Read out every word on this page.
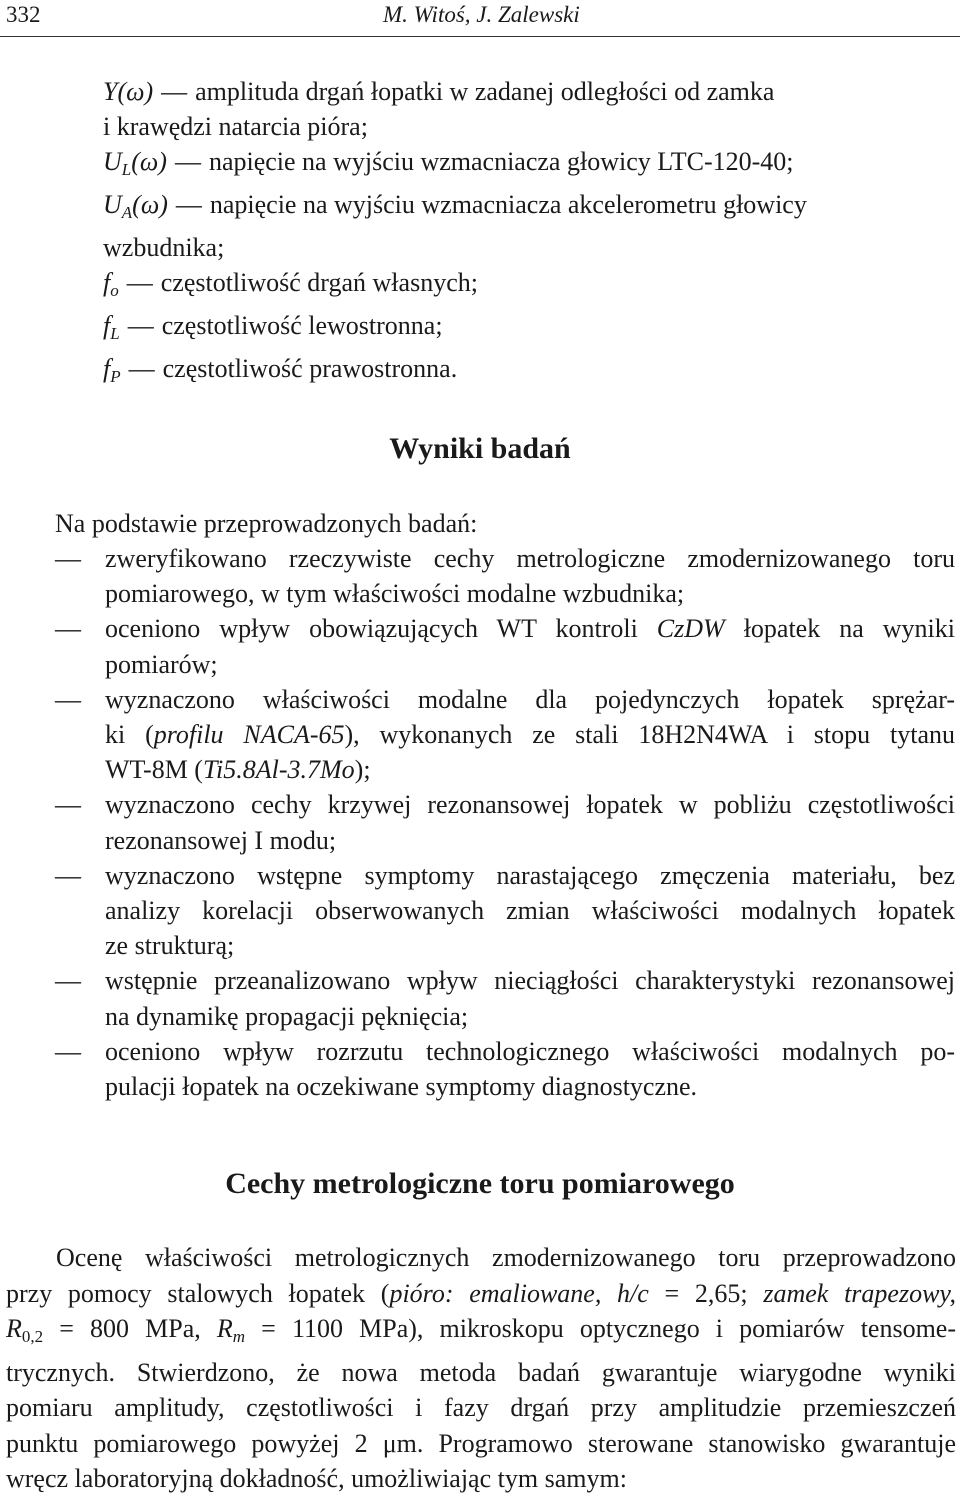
332	M. Witoś, J. Zalewski
Y(ω) — amplituda drgań łopatki w zadanej odległości od zamka
i krawędzi natarcia pióra;
$U_L(\omega)$ — napięcie na wyjściu wzmacniacza głowicy LTC-120-40;
$U_A(\omega)$ — napięcie na wyjściu wzmacniacza akcelerometru głowicy
wzbudnika;
$f_o$ — częstotliwość drgań własnych;
$f_L$ — częstotliwość lewostronna;
$f_P$ — częstotliwość prawostronna.
Wyniki badań
Na podstawie przeprowadzonych badań:
— zweryfikowano rzeczywiste cechy metrologiczne zmodernizowanego toru
pomiarowego, w tym właściwości modalne wzbudnika;
— oceniono wpływ obowiązujących WT kontroli CzDW łopatek na wyniki
pomiarów;
— wyznaczono właściwości modalne dla pojedynczych łopatek sprężar-
ki (profilu NACA-65), wykonanych ze stali 18H2N4WA i stopu tytanu
WT-8M (Ti5.8Al-3.7Mo);
— wyznaczono cechy krzywej rezonansowej łopatek w pobliżu częstotliwości
rezonansowej I modu;
— wyznaczono wstępne symptomy narastającego zmęczenia materiału, bez
analizy korelacji obserwowanych zmian właściwości modalnych łopatek
ze strukturą;
— wstępnie przeanalizowano wpływ nieciągłości charakterystyki rezonansowej
na dynamikę propagacji pęknięcia;
— oceniono wpływ rozrzutu technologicznego właściwości modalnych po-
pulacji łopatek na oczekiwane symptomy diagnostyczne.
Cechy metrologiczne toru pomiarowego
Ocenę właściwości metrologicznych zmodernizowanego toru przeprowadzono
przy pomocy stalowych łopatek (pióro: emaliowane, h/c = 2,65; zamek trapezowy,
$R_{0,2} = 800$ MPa, $R_m = 1100$ MPa), mikroskopu optycznego i pomiarów tensome-
trycznych. Stwierdzono, że nowa metoda badań gwarantuje wiarygodne wyniki
pomiaru amplitudy, częstotliwości i fazy drgań przy amplitudzie przemieszczeń
punktu pomiarowego powyżej 2 μm. Programowo sterowane stanowisko gwarantuje
wręcz laboratoryjną dokładność, umożliwiając tym samym:
